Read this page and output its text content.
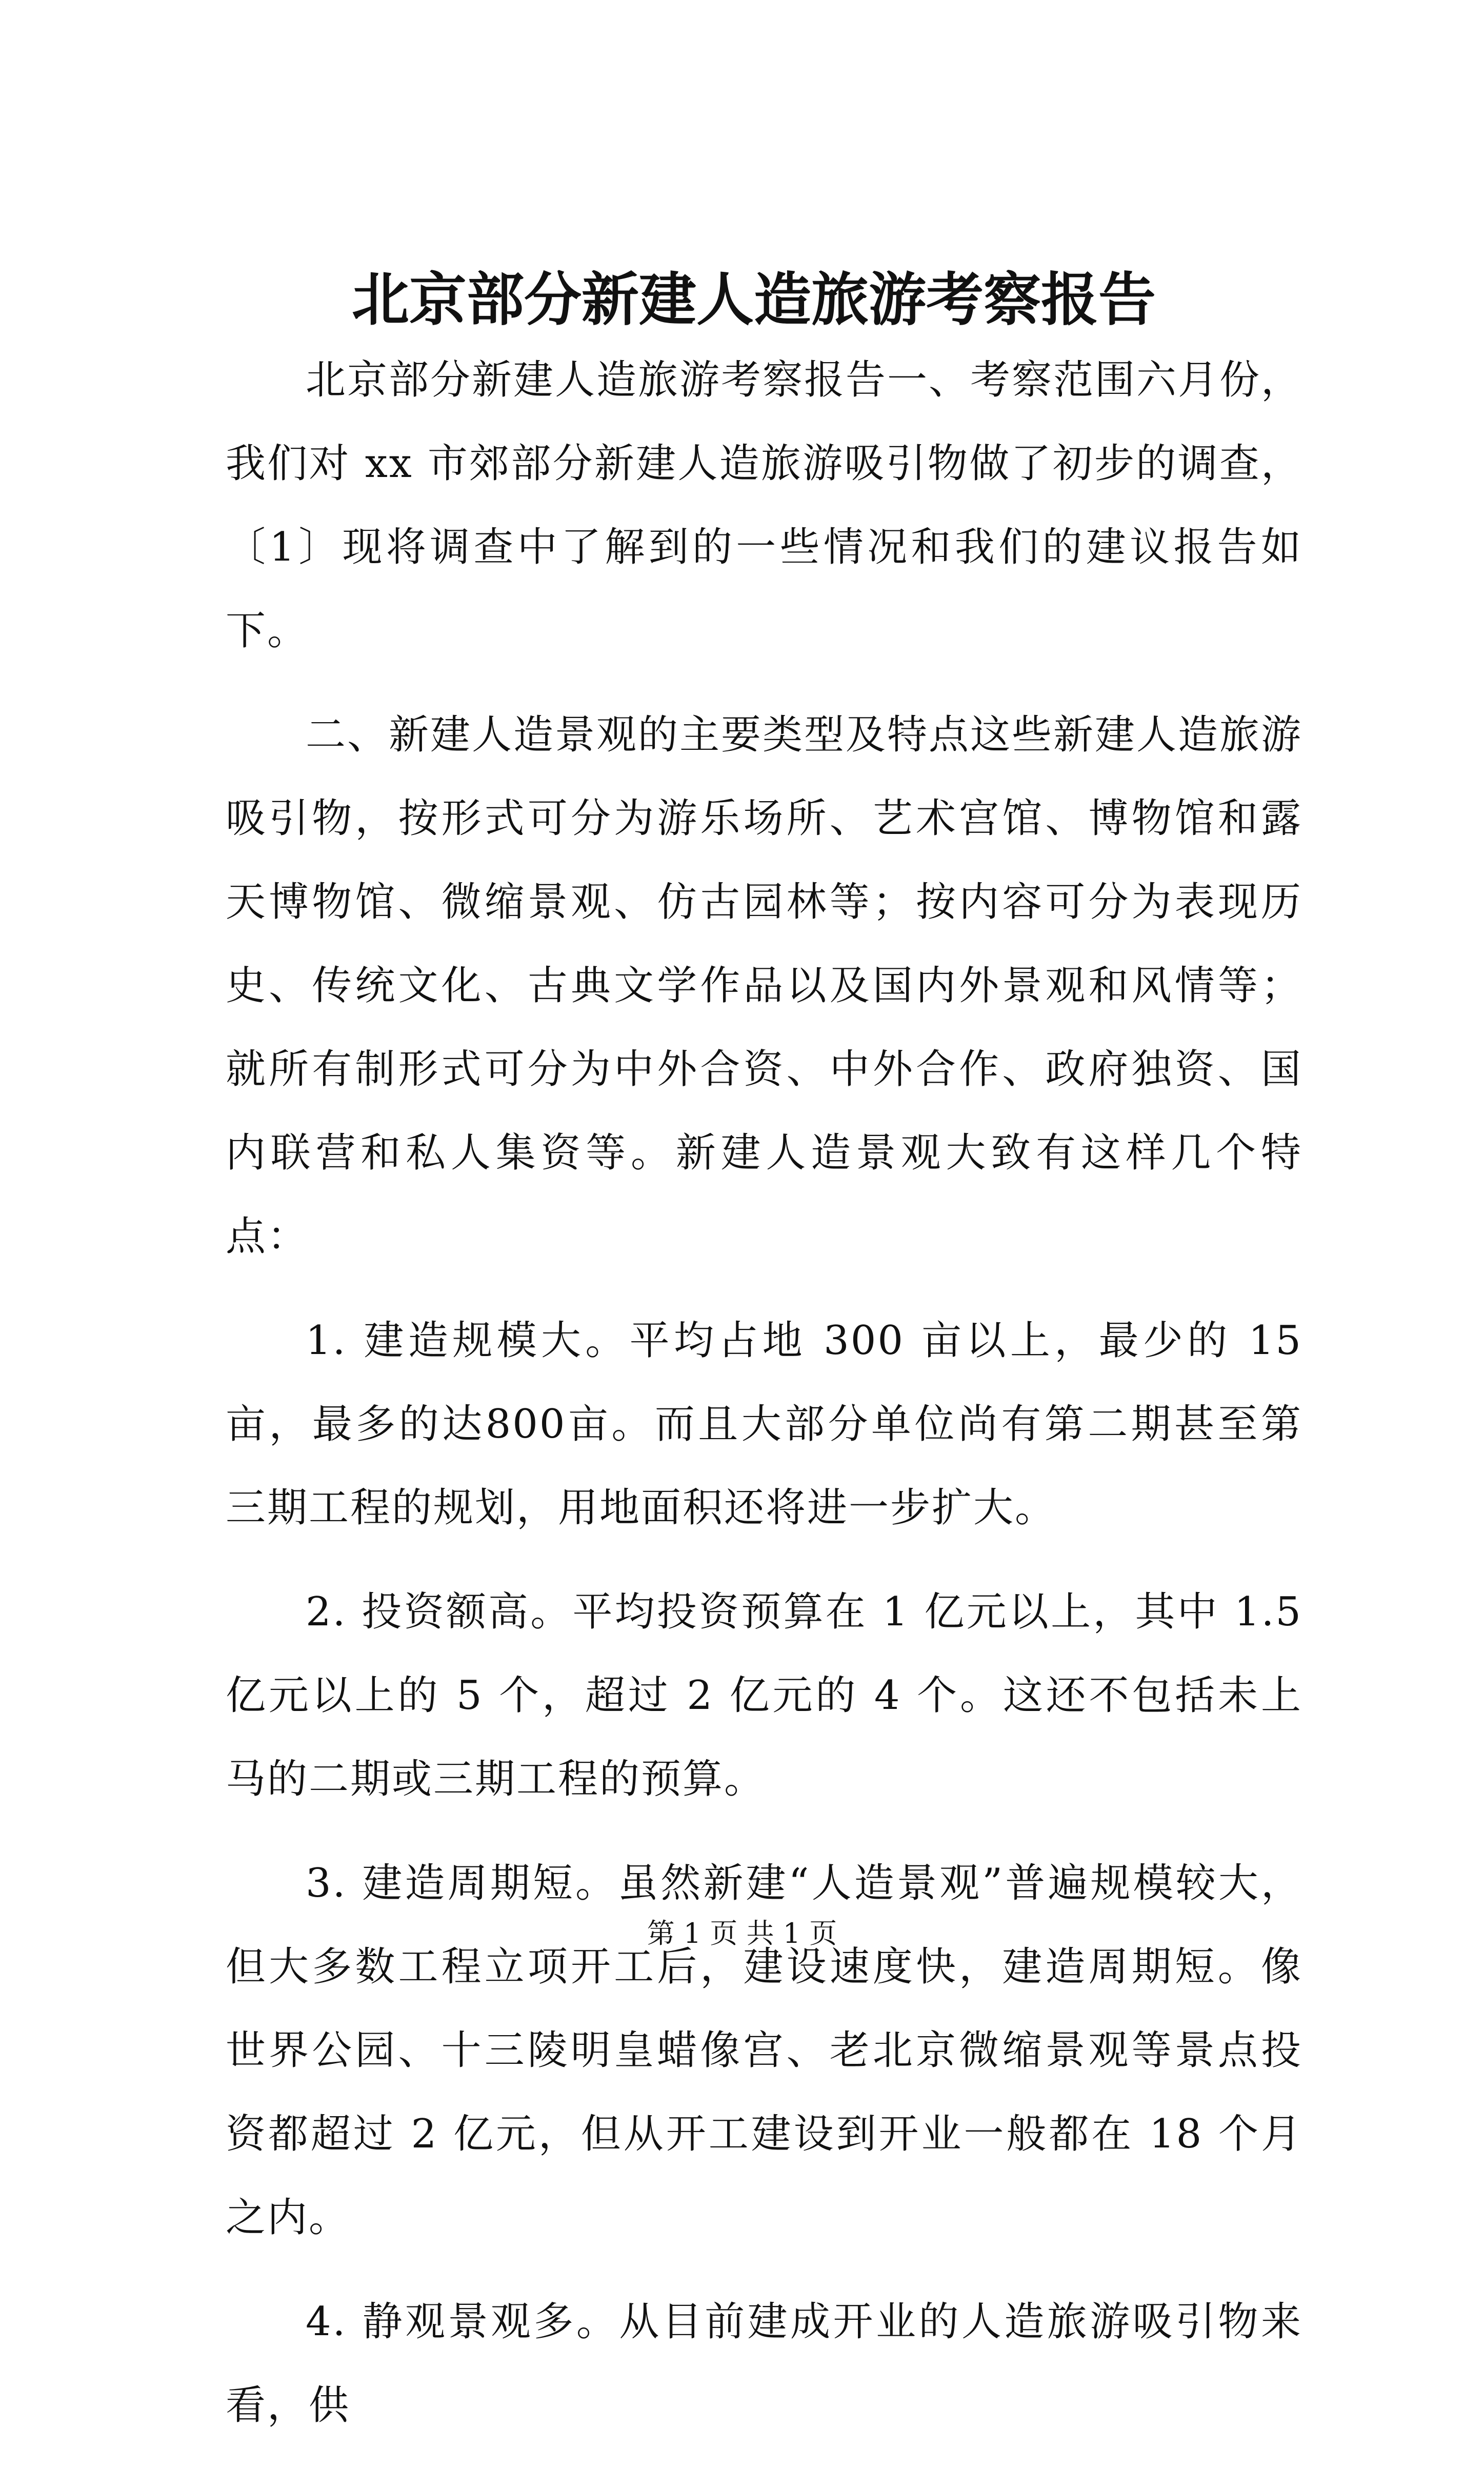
北京部分新建人造旅游考察报告

北京部分新建人造旅游考察报告一、考察范围六月份，我们对 xx 市郊部分新建人造旅游吸引物做了初步的调查，〔1〕现将调查中了解到的一些情况和我们的建议报告如下。

二、新建人造景观的主要类型及特点这些新建人造旅游吸引物，按形式可分为游乐场所、艺术宫馆、博物馆和露天博物馆、微缩景观、仿古园林等；按内容可分为表现历史、传统文化、古典文学作品以及国内外景观和风情等；就所有制形式可分为中外合资、中外合作、政府独资、国内联营和私人集资等。新建人造景观大致有这样几个特点：

1. 建造规模大。平均占地 300 亩以上，最少的 15 亩，最多的达800亩。而且大部分单位尚有第二期甚至第三期工程的规划，用地面积还将进一步扩大。

2. 投资额高。平均投资预算在 1 亿元以上，其中 1.5 亿元以上的 5 个，超过 2 亿元的 4 个。这还不包括未上马的二期或三期工程的预算。

3. 建造周期短。虽然新建“人造景观”普遍规模较大，但大多数工程立项开工后，建设速度快，建造周期短。像世界公园、十三陵明皇蜡像宫、老北京微缩景观等景点投资都超过 2 亿元，但从开工建设到开业一般都在 18 个月之内。

4. 静观景观多。从目前建成开业的人造旅游吸引物来看，供

第 1 页 共 1 页
